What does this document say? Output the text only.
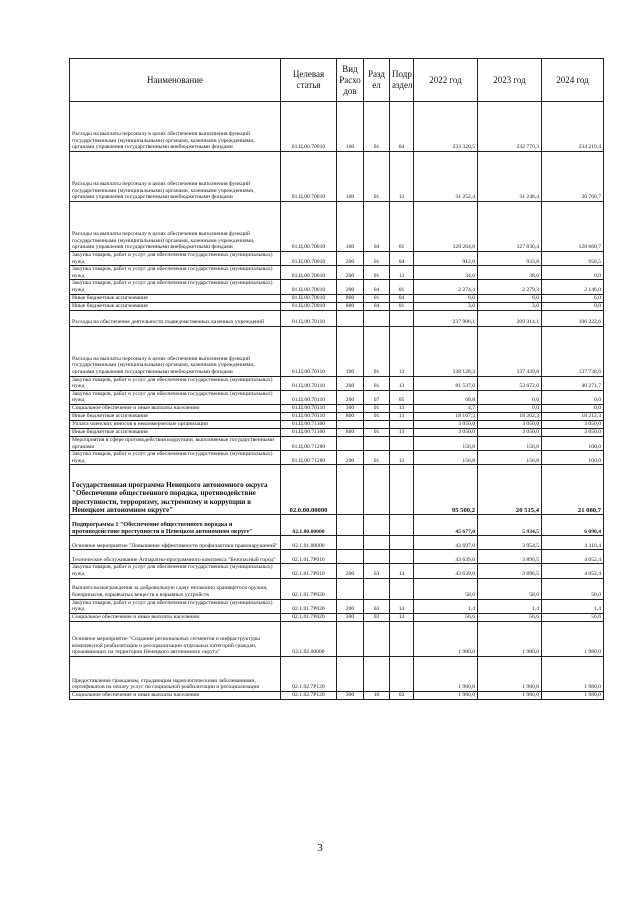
Наименование	Целевая статья	Вид Расхо дов	Разд ел	Подр аздел	2022 год	2023 год	2024 год
Расходы на выплаты персоналу в целях обеспечения выполнения функций государственными (муниципальными) органами, казенными учреждениями, органами управления государственными внебюджетными фондами	01.Ц.00.70010	100	01	04	233 320,5	232 770,3	234 219,4
Расходы на выплаты персоналу в целях обеспечения выполнения функций государственными (муниципальными) органами, казенными учреждениями, органами управления государственными внебюджетными фондами	01.Ц.00.70010	100	01	13	31 252,4	31 248,4	30 760,7
Расходы на выплаты персоналу в целях обеспечения выполнения функций государственными (муниципальными) органами, казенными учреждениями, органами управления государственными внебюджетными фондами	01.Ц.00.70010	100	04	01	129 264,8	127 830,4	128 660,7
Закупка товаров, работ и услуг для обеспечения государственных (муниципальных) нужд	01.Ц.00.70010	200	01	04	912,0	933,8	956,5
Закупка товаров, работ и услуг для обеспечения государственных (муниципальных) нужд	01.Ц.00.70010	200	01	13	34,0	38,0	0,0
Закупка товаров, работ и услуг для обеспечения государственных (муниципальных) нужд	01.Ц.00.70010	200	04	01	2 274,4	2 279,3	2 146,0
Иные бюджетные ассигнования	01.Ц.00.70010	800	01	04	6,0	6,0	6,0
Иные бюджетные ассигнования	01.Ц.00.70010	800	04	01	3,0	3,0	0,0
Расходы на обеспечение деятельности подведомственных казенных учреждений	01.Ц.00.70110				237 906,1	209 314,1	196 222,6
Расходы на выплаты персоналу в целях обеспечения выполнения функций государственными (муниципальными) органами, казенными учреждениями, органами управления государственными внебюджетными фондами	01.Ц.00.70110	100	01	13	138 128,3	137 439,8	137 738,6
Закупка товаров, работ и услуг для обеспечения государственных (муниципальных) нужд	01.Ц.00.70110	200	01	13	81 537,0	53 672,0	40 271,7
Закупка товаров, работ и услуг для обеспечения государственных (муниципальных) нужд	01.Ц.00.70110	200	07	05	68,8	0,0	0,0
Социальное обеспечение и иные выплаты населению	01.Ц.00.70110	300	01	13	4,7	0,0	0,0
Иные бюджетные ассигнования	01.Ц.00.70110	800	01	13	18 167,3	18 202,3	18 212,3
Уплата членских взносов в некоммерческие организации	01.Ц.00.71160				3 050,0	3 050,0	3 050,0
Иные бюджетные ассигнования	01.Ц.00.71160	800	01	13	3 050,0	3 050,0	3 050,0
Мероприятия в сфере противодействия коррупции, выполняемые государственными органами	01.Ц.00.71280				156,8	156,8	100,0
Закупка товаров, работ и услуг для обеспечения государственных (муниципальных) нужд	01.Ц.00.71280	200	01	13	156,8	156,8	100,0
Государственная программа Ненецкого автономного округа "Обеспечение общественного порядка, противодействие преступности, терроризму, экстремизму и коррупции в Ненецком автономном округе"	02.0.00.00000				95 500,2	20 515,4	21 080,7
Подпрограмма 1 "Обеспечение общественного порядка и противодействие преступности в Ненецком автономном округе"	02.1.00.00000				45 677,0	5 934,5	6 090,4
Основное мероприятие "Повышение эффективности профилактики правонарушений"	02.1.01.00000				43 697,0	3 954,5	4 110,4
Техническое обслуживание Аппаратно-программного комплекса "Безопасный город"	02.1.01.7Р010				43 639,0	3 896,5	4 052,4
Закупка товаров, работ и услуг для обеспечения государственных (муниципальных) нужд	02.1.01.7Р010	200	03	14	43 639,0	3 896,5	4 052,4
Выплата вознаграждения за добровольную сдачу незаконно хранящегося оружия, боеприпасов, взрывчатых веществ и взрывных устройств	02.1.01.7Р020				58,0	58,0	58,0
Закупка товаров, работ и услуг для обеспечения государственных (муниципальных) нужд	02.1.01.7Р020	200	03	14	1,4	1,4	1,4
Социальное обеспечение и иные выплаты населению	02.1.01.7Р020	300	03	14	56,6	56,6	56,6
Основное мероприятие "Создание региональных сегментов и инфраструктуры комплексной реабилитации и ресоциализации отдельных категорий граждан, проживающих на территории Ненецкого автономного округа"	02.1.02.00000				1 980,0	1 980,0	1 980,0
Предоставление гражданам, страдающим наркологическими заболеваниями, сертификатов на оплату услуг по социальной реабилитации и ресоциализации	02.1.02.7Р120				1 980,0	1 980,0	1 980,0
Социальное обеспечение и иные выплаты населению	02.1.02.7Р120	300	10	02	1 980,0	1 980,0	1 980,0
3
